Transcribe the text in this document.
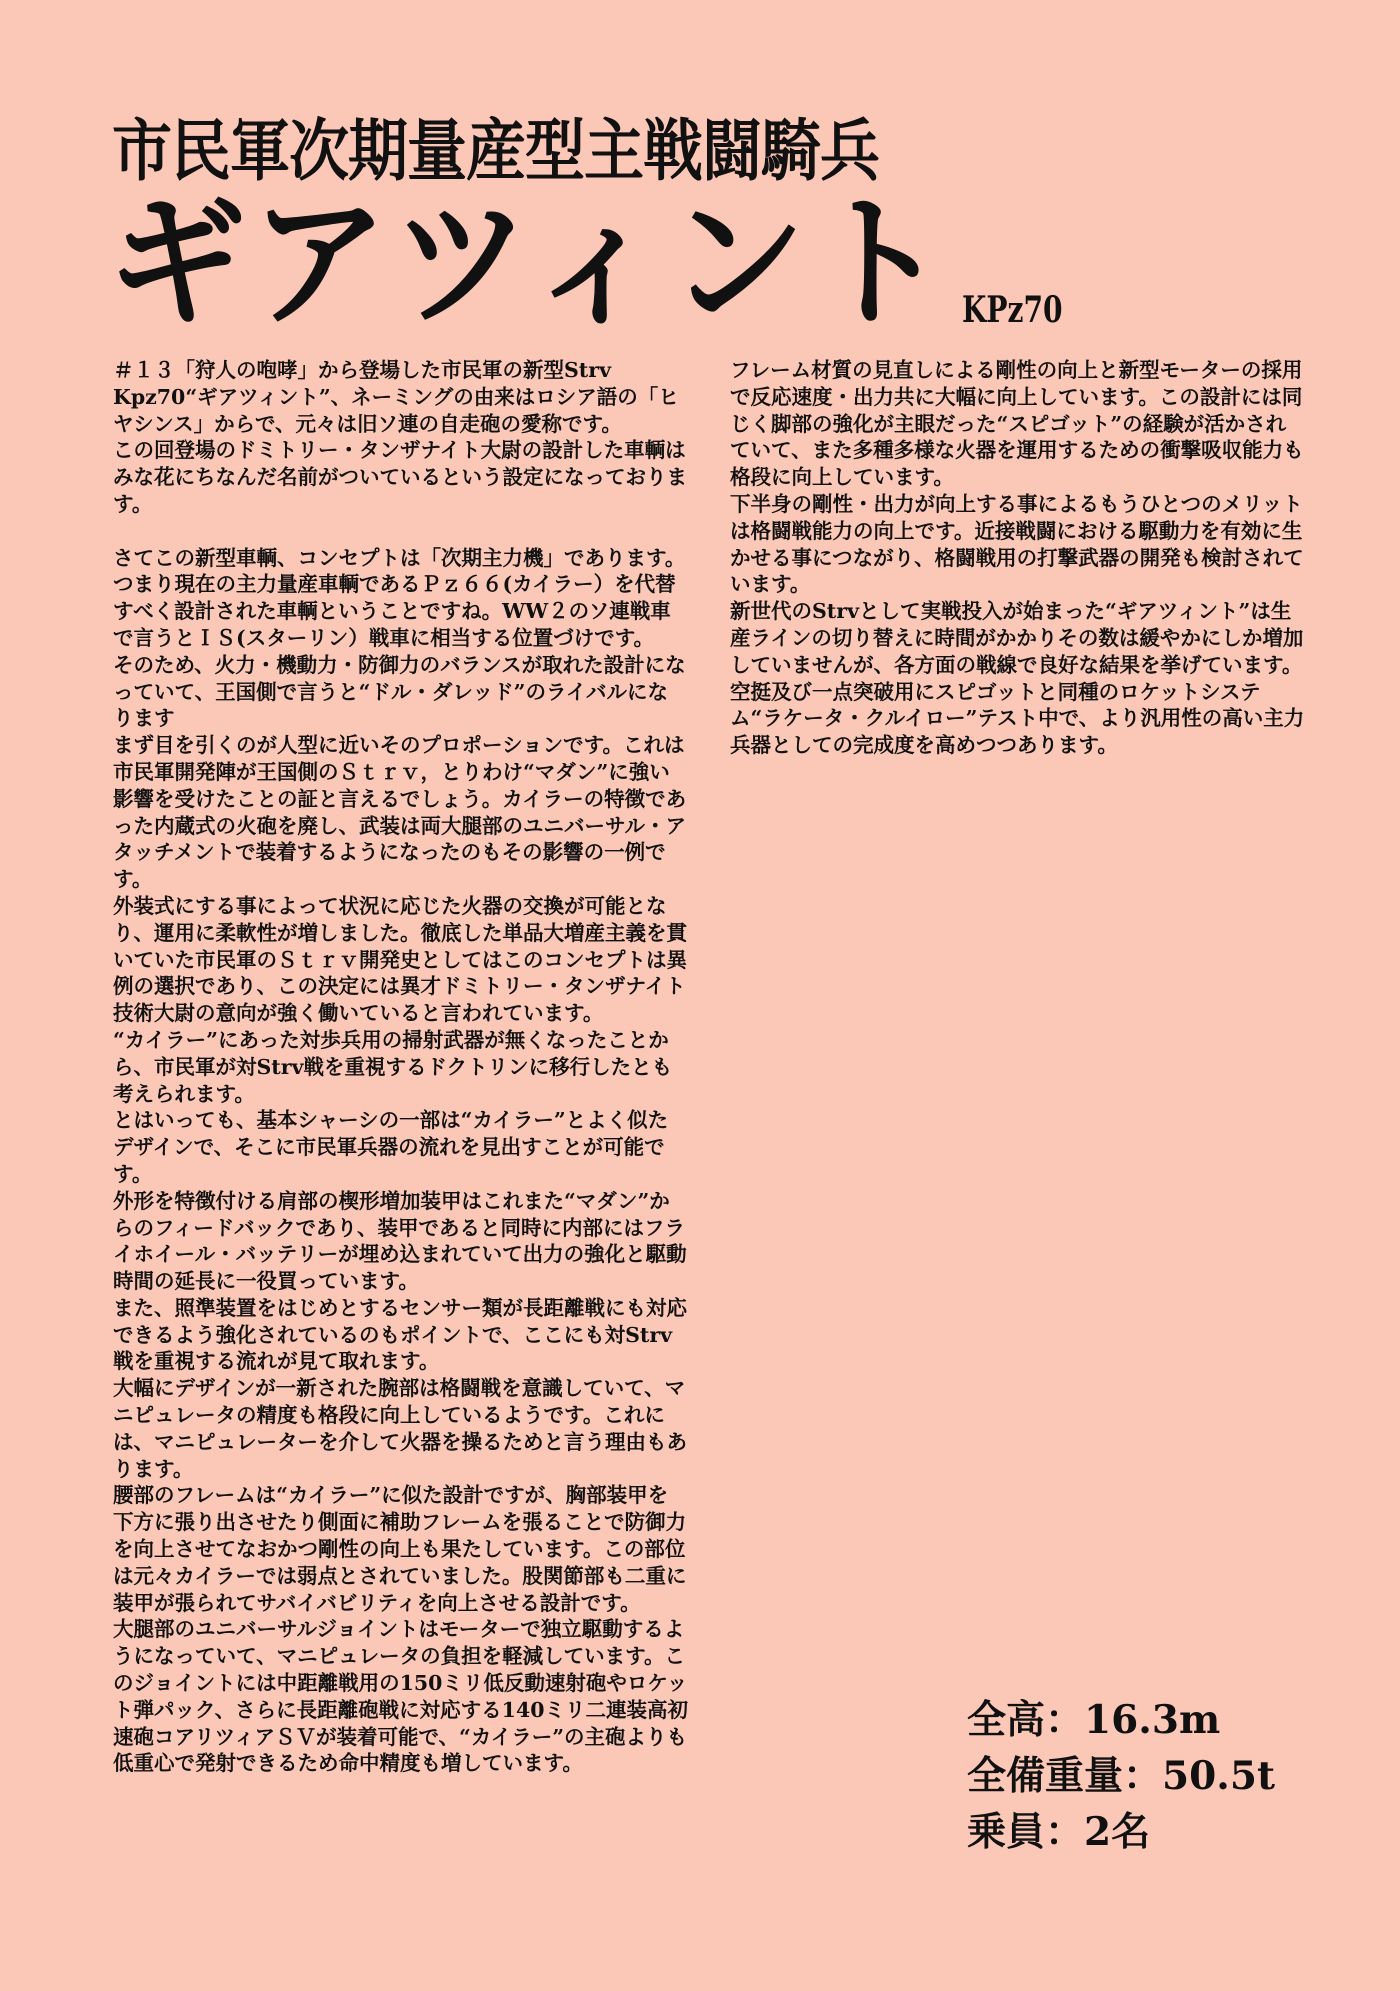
市民軍次期量産型主戦闘騎兵
ギアツィント KPz70

＃１３「狩人の咆哮」から登場した市民軍の新型Strv Kpz70“ギアツィント”、ネーミングの由来はロシア語の「ヒヤシンス」からで、元々は旧ソ連の自走砲の愛称です。

この回登場のドミトリー・タンザナイト大尉の設計した車輌はみな花にちなんだ名前がついているという設定になっております。

さてこの新型車輌、コンセプトは「次期主力機」であります。つまり現在の主力量産車輌であるＰｚ６６(カイラー）を代替すべく設計された車輌ということですね。WW２のソ連戦車で言うとＩＳ(スターリン）戦車に相当する位置づけです。

そのため、火力・機動力・防御力のバランスが取れた設計になっていて、王国側で言うと“ドル・ダレッド”のライバルになります

まず目を引くのが人型に近いそのプロポーションです。これは市民軍開発陣が王国側のＳｔｒｖ，とりわけ“マダン”に強い影響を受けたことの証と言えるでしょう。カイラーの特徴であった内蔵式の火砲を廃し、武装は両大腿部のユニバーサル・アタッチメントで装着するようになったのもその影響の一例です。

外装式にする事によって状況に応じた火器の交換が可能となり、運用に柔軟性が増しました。徹底した単品大増産主義を貫いていた市民軍のＳｔｒｖ開発史としてはこのコンセプトは異例の選択であり、この決定には異才ドミトリー・タンザナイト技術大尉の意向が強く働いていると言われています。

“カイラー”にあった対歩兵用の掃射武器が無くなったことから、市民軍が対Strv戦を重視するドクトリンに移行したとも考えられます。

とはいっても、基本シャーシの一部は“カイラー”とよく似たデザインで、そこに市民軍兵器の流れを見出すことが可能です。

外形を特徴付ける肩部の楔形増加装甲はこれまた“マダン”からのフィードバックであり、装甲であると同時に内部にはフライホイール・バッテリーが埋め込まれていて出力の強化と駆動時間の延長に一役買っています。

また、照準装置をはじめとするセンサー類が長距離戦にも対応できるよう強化されているのもポイントで、ここにも対Strv戦を重視する流れが見て取れます。

大幅にデザインが一新された腕部は格闘戦を意識していて、マニピュレータの精度も格段に向上しているようです。これには、マニピュレーターを介して火器を操るためと言う理由もあります。

腰部のフレームは“カイラー”に似た設計ですが、胸部装甲を下方に張り出させたり側面に補助フレームを張ることで防御力を向上させてなおかつ剛性の向上も果たしています。この部位は元々カイラーでは弱点とされていました。股関節部も二重に装甲が張られてサバイバビリティを向上させる設計です。

大腿部のユニバーサルジョイントはモーターで独立駆動するようになっていて、マニピュレータの負担を軽減しています。このジョイントには中距離戦用の150ミリ低反動速射砲やロケット弾パック、さらに長距離砲戦に対応する140ミリ二連装高初速砲コアリツィアＳＶが装着可能で、“カイラー”の主砲よりも低重心で発射できるため命中精度も増しています。

フレーム材質の見直しによる剛性の向上と新型モーターの採用で反応速度・出力共に大幅に向上しています。この設計には同じく脚部の強化が主眼だった“スピゴット”の経験が活かされていて、また多種多様な火器を運用するための衝撃吸収能力も格段に向上しています。

下半身の剛性・出力が向上する事によるもうひとつのメリットは格闘戦能力の向上です。近接戦闘における駆動力を有効に生かせる事につながり、格闘戦用の打撃武器の開発も検討されています。

新世代のStrvとして実戦投入が始まった“ギアツィント”は生産ラインの切り替えに時間がかかりその数は緩やかにしか増加していませんが、各方面の戦線で良好な結果を挙げています。空挺及び一点突破用にスピゴットと同種のロケットシステム“ラケータ・クルイロー”テスト中で、より汎用性の高い主力兵器としての完成度を高めつつあります。

全高：16.3m
全備重量：50.5t
乗員：2名
